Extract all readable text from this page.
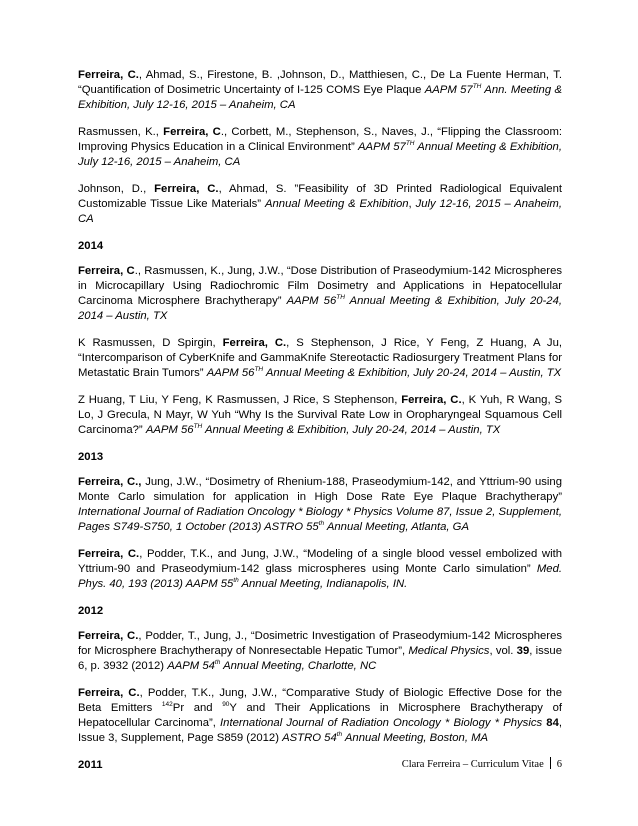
Ferreira, C., Ahmad, S., Firestone, B. ,Johnson, D., Matthiesen, C., De La Fuente Herman, T. “Quantification of Dosimetric Uncertainty of I-125 COMS Eye Plaque AAPM 57TH Ann. Meeting & Exhibition, July 12-16, 2015 – Anaheim, CA

Rasmussen, K., Ferreira, C., Corbett, M., Stephenson, S., Naves, J., “Flipping the Classroom: Improving Physics Education in a Clinical Environment” AAPM 57TH Annual Meeting & Exhibition, July 12-16, 2015 – Anaheim, CA

Johnson, D., Ferreira, C., Ahmad, S. ”Feasibility of 3D Printed Radiological Equivalent Customizable Tissue Like Materials” Annual Meeting & Exhibition, July 12-16, 2015 – Anaheim, CA

2014

Ferreira, C., Rasmussen, K., Jung, J.W., “Dose Distribution of Praseodymium-142 Microspheres in Microcapillary Using Radiochromic Film Dosimetry and Applications in Hepatocellular Carcinoma Microsphere Brachytherapy” AAPM 56TH Annual Meeting & Exhibition, July 20-24, 2014 – Austin, TX

K Rasmussen, D Spirgin, Ferreira, C., S Stephenson, J Rice, Y Feng, Z Huang, A Ju, “Intercomparison of CyberKnife and GammaKnife Stereotactic Radiosurgery Treatment Plans for Metastatic Brain Tumors” AAPM 56TH Annual Meeting & Exhibition, July 20-24, 2014 – Austin, TX

Z Huang, T Liu, Y Feng, K Rasmussen, J Rice, S Stephenson, Ferreira, C., K Yuh, R Wang, S Lo, J Grecula, N Mayr, W Yuh “Why Is the Survival Rate Low in Oropharyngeal Squamous Cell Carcinoma?” AAPM 56TH Annual Meeting & Exhibition, July 20-24, 2014 – Austin, TX

2013

Ferreira, C., Jung, J.W., “Dosimetry of Rhenium-188, Praseodymium-142, and Yttrium-90 using Monte Carlo simulation for application in High Dose Rate Eye Plaque Brachytherapy” International Journal of Radiation Oncology * Biology * Physics Volume 87, Issue 2, Supplement, Pages S749-S750, 1 October (2013) ASTRO 55th Annual Meeting, Atlanta, GA

Ferreira, C., Podder, T.K., and Jung, J.W., “Modeling of a single blood vessel embolized with Yttrium-90 and Praseodymium-142 glass microspheres using Monte Carlo simulation” Med. Phys. 40, 193 (2013) AAPM 55th Annual Meeting, Indianapolis, IN.

2012

Ferreira, C., Podder, T., Jung, J., “Dosimetric Investigation of Praseodymium-142 Microspheres for Microsphere Brachytherapy of Nonresectable Hepatic Tumor”, Medical Physics, vol. 39, issue 6, p. 3932 (2012) AAPM 54th Annual Meeting, Charlotte, NC

Ferreira, C., Podder, T.K., Jung, J.W., “Comparative Study of Biologic Effective Dose for the Beta Emitters $^{142}$Pr and $^{90}$Y and Their Applications in Microsphere Brachytherapy of Hepatocellular Carcinoma”, International Journal of Radiation Oncology * Biology * Physics 84, Issue 3, Supplement, Page S859 (2012) ASTRO 54th Annual Meeting, Boston, MA

2011	Clara Ferreira – Curriculum Vitae 6
